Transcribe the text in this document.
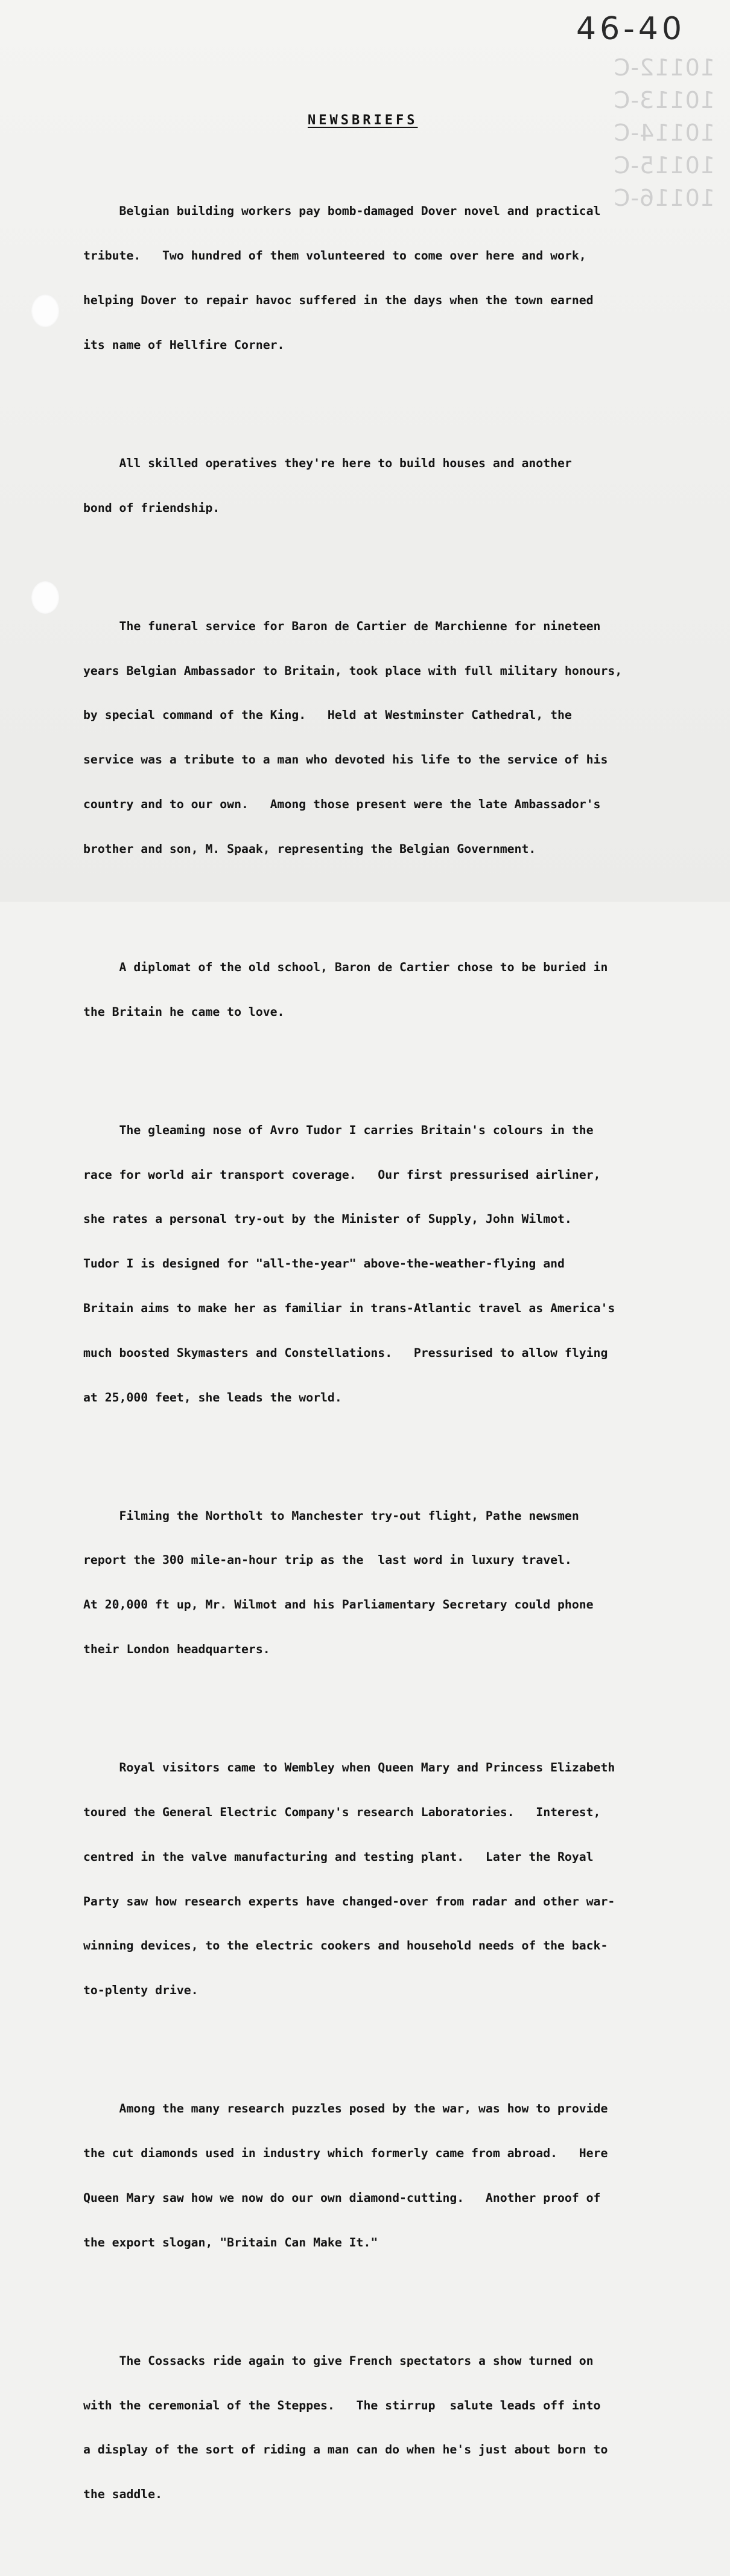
46-40
10112-C
10113-C
10114-C
10115-C
10116-C
NEWSBRIEFS

Belgian building workers pay bomb-damaged Dover novel and practical

tribute.   Two hundred of them volunteered to come over here and work,

helping Dover to repair havoc suffered in the days when the town earned

its name of Hellfire Corner.

All skilled operatives they're here to build houses and another

bond of friendship.

The funeral service for Baron de Cartier de Marchienne for nineteen

years Belgian Ambassador to Britain, took place with full military honours,

by special command of the King.   Held at Westminster Cathedral, the

service was a tribute to a man who devoted his life to the service of his

country and to our own.   Among those present were the late Ambassador's

brother and son, M. Spaak, representing the Belgian Government.

A diplomat of the old school, Baron de Cartier chose to be buried in

the Britain he came to love.

The gleaming nose of Avro Tudor I carries Britain's colours in the

race for world air transport coverage.   Our first pressurised airliner,

she rates a personal try-out by the Minister of Supply, John Wilmot.

Tudor I is designed for "all-the-year" above-the-weather-flying and

Britain aims to make her as familiar in trans-Atlantic travel as America's

much boosted Skymasters and Constellations.   Pressurised to allow flying

at 25,000 feet, she leads the world.

Filming the Northolt to Manchester try-out flight, Pathe newsmen

report the 300 mile-an-hour trip as the  last word in luxury travel.

At 20,000 ft up, Mr. Wilmot and his Parliamentary Secretary could phone

their London headquarters.

Royal visitors came to Wembley when Queen Mary and Princess Elizabeth

toured the General Electric Company's research Laboratories.   Interest,

centred in the valve manufacturing and testing plant.   Later the Royal

Party saw how research experts have changed-over from radar and other war-

winning devices, to the electric cookers and household needs of the back-

to-plenty drive.

Among the many research puzzles posed by the war, was how to provide

the cut diamonds used in industry which formerly came from abroad.   Here

Queen Mary saw how we now do our own diamond-cutting.   Another proof of

the export slogan, "Britain Can Make It."

The Cossacks ride again to give French spectators a show turned on

with the ceremonial of the Steppes.   The stirrup  salute leads off into

a display of the sort of riding a man can do when he's just about born to

the saddle.
